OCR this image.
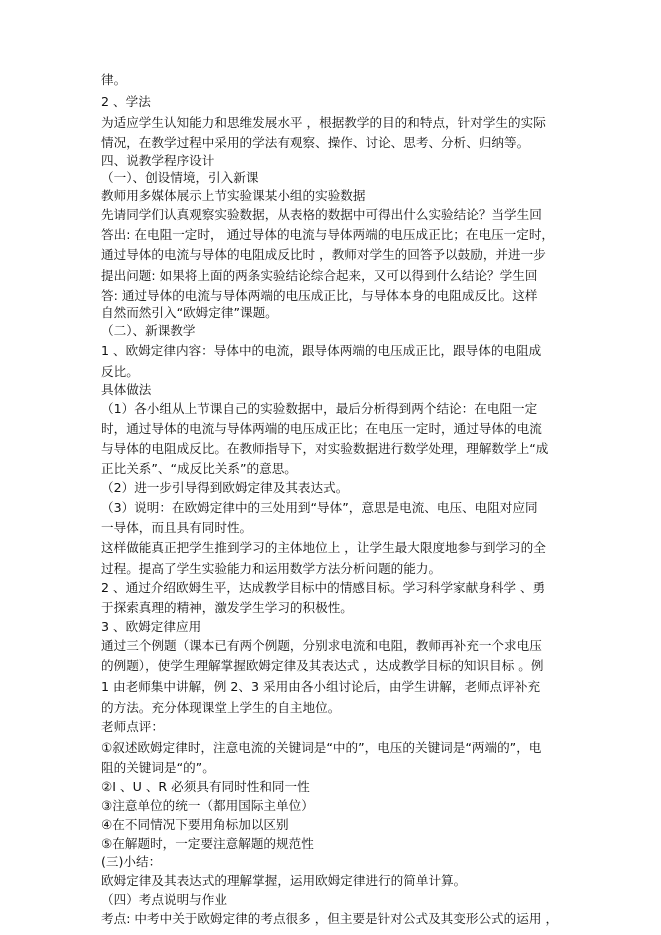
律。
2 、学法
为适应学生认知能力和思维发展水平 ，根据教学的目的和特点，针对学生的实际
情况，在教学过程中采用的学法有观察、操作、讨论、思考、分析、归纳等。
四、说教学程序设计
（一）、创设情境，引入新课
教师用多媒体展示上节实验课某小组的实验数据
先请同学们认真观察实验数据，从表格的数据中可得出什么实验结论？当学生回
答出: 在电阻一定时， 通过导体的电流与导体两端的电压成正比；在电压一定时，
通过导体的电流与导体的电阻成反比时 ，教师对学生的回答予以鼓励，并进一步
提出问题: 如果将上面的两条实验结论综合起来，又可以得到什么结论？学生回
答: 通过导体的电流与导体两端的电压成正比，与导体本身的电阻成反比。这样
自然而然引入“欧姆定律”课题。
（二）、新课教学
1 、欧姆定律内容：导体中的电流，跟导体两端的电压成正比，跟导体的电阻成
反比。
具体做法
（1）各小组从上节课自己的实验数据中，最后分析得到两个结论：在电阻一定
时，通过导体的电流与导体两端的电压成正比；在电压一定时，通过导体的电流
与导体的电阻成反比。在教师指导下，对实验数据进行数学处理，理解数学上“成
正比关系”、“成反比关系”的意思。
（2）进一步引导得到欧姆定律及其表达式。
（3）说明：在欧姆定律中的三处用到“导体”，意思是电流、电压、电阻对应同
一导体，而且具有同时性。
这样做能真正把学生推到学习的主体地位上 ，让学生最大限度地参与到学习的全
过程。提高了学生实验能力和运用数学方法分析问题的能力。
2 、通过介绍欧姆生平，达成教学目标中的情感目标。学习科学家献身科学 、勇
于探索真理的精神，激发学生学习的积极性。
3 、欧姆定律应用
通过三个例题（课本已有两个例题，分别求电流和电阻，教师再补充一个求电压
的例题），使学生理解掌握欧姆定律及其表达式 ，达成教学目标的知识目标 。例
1 由老师集中讲解，例 2、3 采用由各小组讨论后，由学生讲解，老师点评补充
的方法。充分体现课堂上学生的自主地位。
老师点评：
①叙述欧姆定律时，注意电流的关键词是“中的”，电压的关键词是“两端的”，电
阻的关键词是“的”。
②I 、U 、R 必须具有同时性和同一性
③注意单位的统一（都用国际主单位）
④在不同情况下要用角标加以区别
⑤在解题时，一定要注意解题的规范性
(三)小结：
欧姆定律及其表达式的理解掌握，运用欧姆定律进行的简单计算。
（四）考点说明与作业
考点: 中考中关于欧姆定律的考点很多 ，但主要是针对公式及其变形公式的运用 ，
